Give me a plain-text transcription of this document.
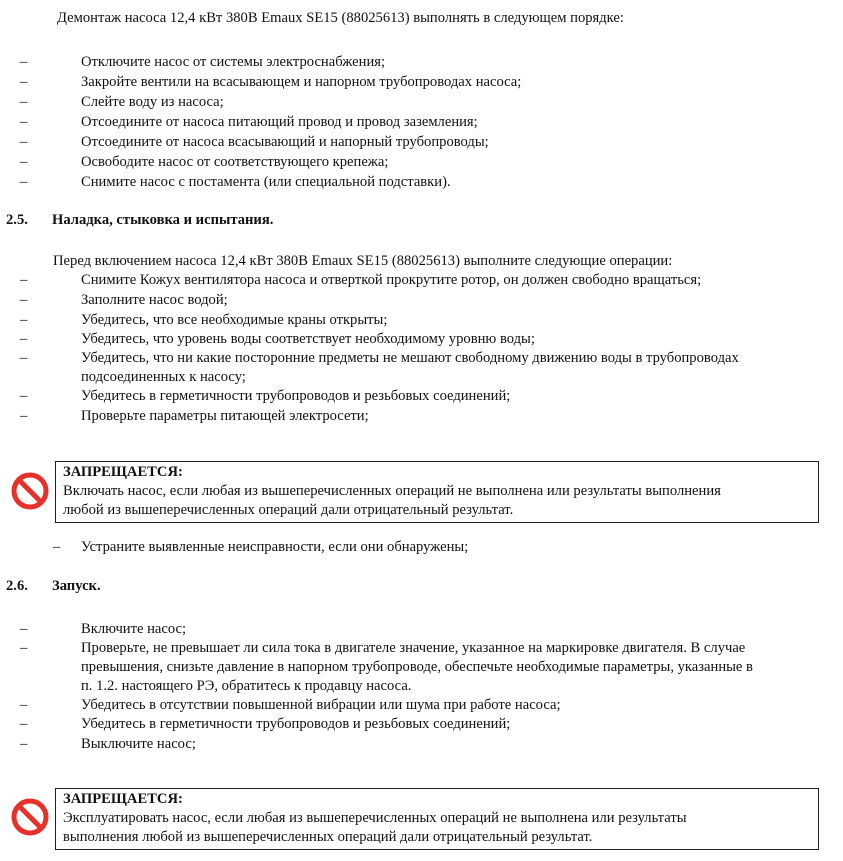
Демонтаж насоса 12,4 кВт 380В Emaux SE15 (88025613) выполнять в следующем порядке:
–	Отключите насос от системы электроснабжения;
–	Закройте вентили на всасывающем и напорном трубопроводах насоса;
–	Слейте воду из насоса;
–	Отсоедините от насоса питающий провод и провод заземления;
–	Отсоедините от насоса всасывающий и напорный трубопроводы;
–	Освободите насос от соответствующего крепежа;
–	Снимите насос с постамента (или специальной подставки).
2.5. Наладка, стыковка и испытания.
Перед включением насоса 12,4 кВт 380В Emaux SE15 (88025613) выполните следующие операции:
–	Снимите Кожух вентилятора насоса и отверткой прокрутите ротор, он должен свободно вращаться;
–	Заполните насос водой;
–	Убедитесь, что все необходимые краны открыты;
–	Убедитесь, что уровень воды соответствует необходимому уровню воды;
–	Убедитесь, что ни какие посторонние предметы не мешают свободному движению воды в трубопроводах
подсоединенных к насосу;
–	Убедитесь в герметичности трубопроводов и резьбовых соединений;
–	Проверьте параметры питающей электросети;
ЗАПРЕЩАЕТСЯ:
Включать насос, если любая из вышеперечисленных операций не выполнена или результаты выполнения
любой из вышеперечисленных операций дали отрицательный результат.
– Устраните выявленные неисправности, если они обнаружены;
2.6. Запуск.
–	Включите насос;
–	Проверьте, не превышает ли сила тока в двигателе значение, указанное на маркировке двигателя. В случае
превышения, снизьте давление в напорном трубопроводе, обеспечьте необходимые параметры, указанные в
п. 1.2. настоящего РЭ, обратитесь к продавцу насоса.
–	Убедитесь в отсутствии повышенной вибрации или шума при работе насоса;
–	Убедитесь в герметичности трубопроводов и резьбовых соединений;
–	Выключите насос;
ЗАПРЕЩАЕТСЯ:
Эксплуатировать насос, если любая из вышеперечисленных операций не выполнена или результаты
выполнения любой из вышеперечисленных операций дали отрицательный результат.
